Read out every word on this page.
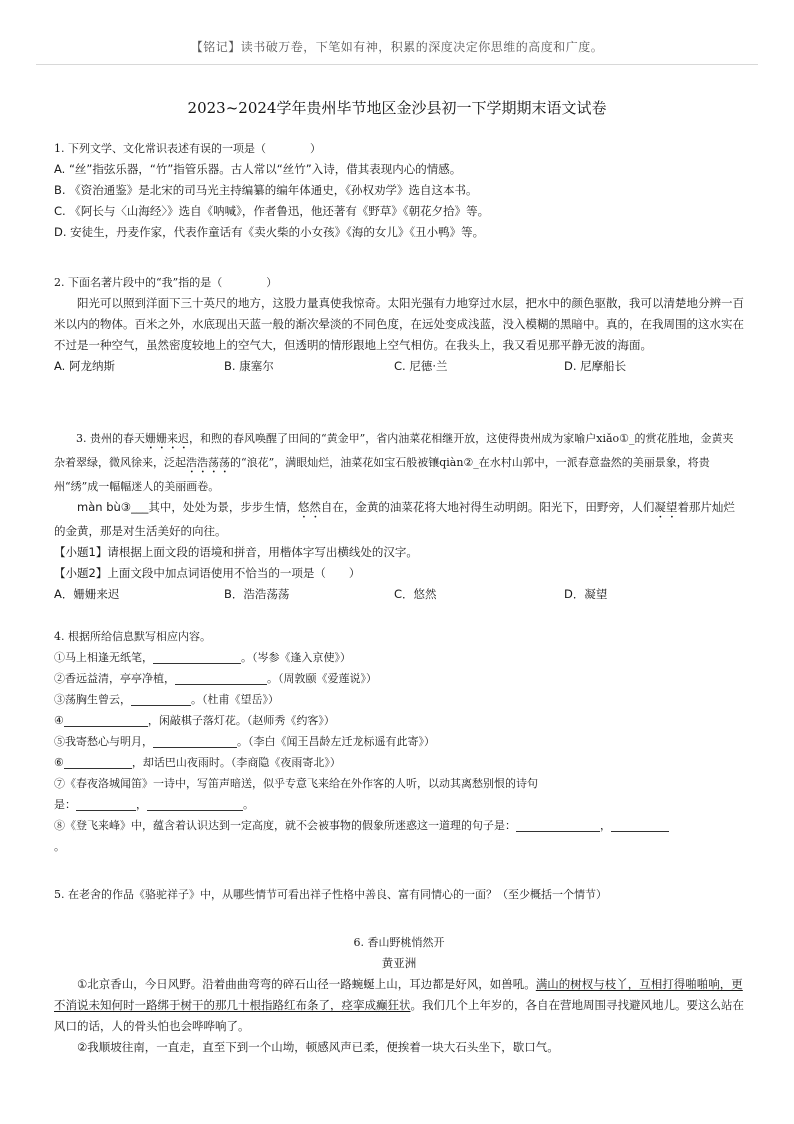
【铭记】读书破万卷，下笔如有神，积累的深度决定你思维的高度和广度。
2023~2024学年贵州毕节地区金沙县初一下学期期末语文试卷
1. 下列文学、文化常识表述有误的一项是（　　　　）
A. “丝”指弦乐器，“竹”指管乐器。古人常以“丝竹”入诗，借其表现内心的情感。
B. 《资治通鉴》是北宋的司马光主持编纂的编年体通史，《孙权劝学》选自这本书。
C. 《阿长与〈山海经〉》选自《呐喊》，作者鲁迅，他还著有《野草》《朝花夕拾》等。
D. 安徒生，丹麦作家，代表作童话有《卖火柴的小女孩》《海的女儿》《丑小鸭》等。
2. 下面名著片段中的“我”指的是（　　　　）
阳光可以照到洋面下三十英尺的地方，这股力量真使我惊奇。太阳光强有力地穿过水层，把水中的颜色驱散，我可以清楚地分辨一百米以内的物体。百米之外，水底现出天蓝一般的渐次晕淡的不同色度，在远处变成浅蓝，没入模糊的黑暗中。真的，在我周围的这水实在不过是一种空气，虽然密度较地上的空气大，但透明的情形跟地上空气相仿。在我头上，我又看见那平静无波的海面。
A. 阿龙纳斯	B. 康塞尔	C. 尼德·兰	D. 尼摩船长
3. 贵州的春天姗姗来迟，和煦的春风唤醒了田间的“黄金甲”，省内油菜花相继开放，这使得贵州成为家喻户xiǎo①_的赏花胜地，金黄夹杂着翠绿，微风徐来，泛起浩浩荡荡的“浪花”，满眼灿烂，油菜花如宝石般被镶qiàn②_在水村山郭中，一派春意盎然的美丽景象，将贵州“绣”成一幅幅迷人的美丽画卷。
màn bù③___其中，处处为景，步步生情，悠然自在，金黄的油菜花将大地衬得生动明朗。阳光下，田野旁，人们凝望着那片灿烂的金黄，那是对生活美好的向往。
【小题1】请根据上面文段的语境和拼音，用楷体字写出横线处的汉字。
【小题2】上面文段中加点词语使用不恰当的一项是（　　）
A．姗姗来迟	B．浩浩荡荡	C．悠然	D．凝望
4. 根据所给信息默写相应内容。
①马上相逢无纸笔，	。（岑参《逢入京使》）
②香远益清，亭亭净植，	。（周敦颐《爱莲说》）
③荡胸生曾云，	。（杜甫《望岳》）
④	，闲敲棋子落灯花。（赵师秀《约客》）
⑤我寄愁心与明月，	。（李白《闻王昌龄左迁龙标遥有此寄》）
⑥	，却话巴山夜雨时。（李商隐《夜雨寄北》）
⑦《春夜洛城闻笛》一诗中，写笛声暗送，似乎专意飞来给在外作客的人听，以动其离愁别恨的诗句
是：	，	。
⑧《登飞来峰》中，蕴含着认识达到一定高度，就不会被事物的假象所迷惑这一道理的句子是：	，
。
5. 在老舍的作品《骆驼祥子》中，从哪些情节可看出祥子性格中善良、富有同情心的一面？（至少概括一个情节）
6. 香山野桃悄然开
黄亚洲
①北京香山，今日风野。沿着曲曲弯弯的碎石山径一路蜿蜒上山，耳边都是好风，如兽吼。满山的树杈与枝丫，互相打得啪啪响，更不消说未知何时一路绑于树干的那几十根指路红布条了，痉挛成癫狂状。我们几个上年岁的，各自在营地周围寻找避风地儿。要这么站在风口的话，人的骨头怕也会哗哗响了。
②我顺坡往南，一直走，直至下到一个山坳，顿感风声已柔，便挨着一块大石头坐下，歇口气。
